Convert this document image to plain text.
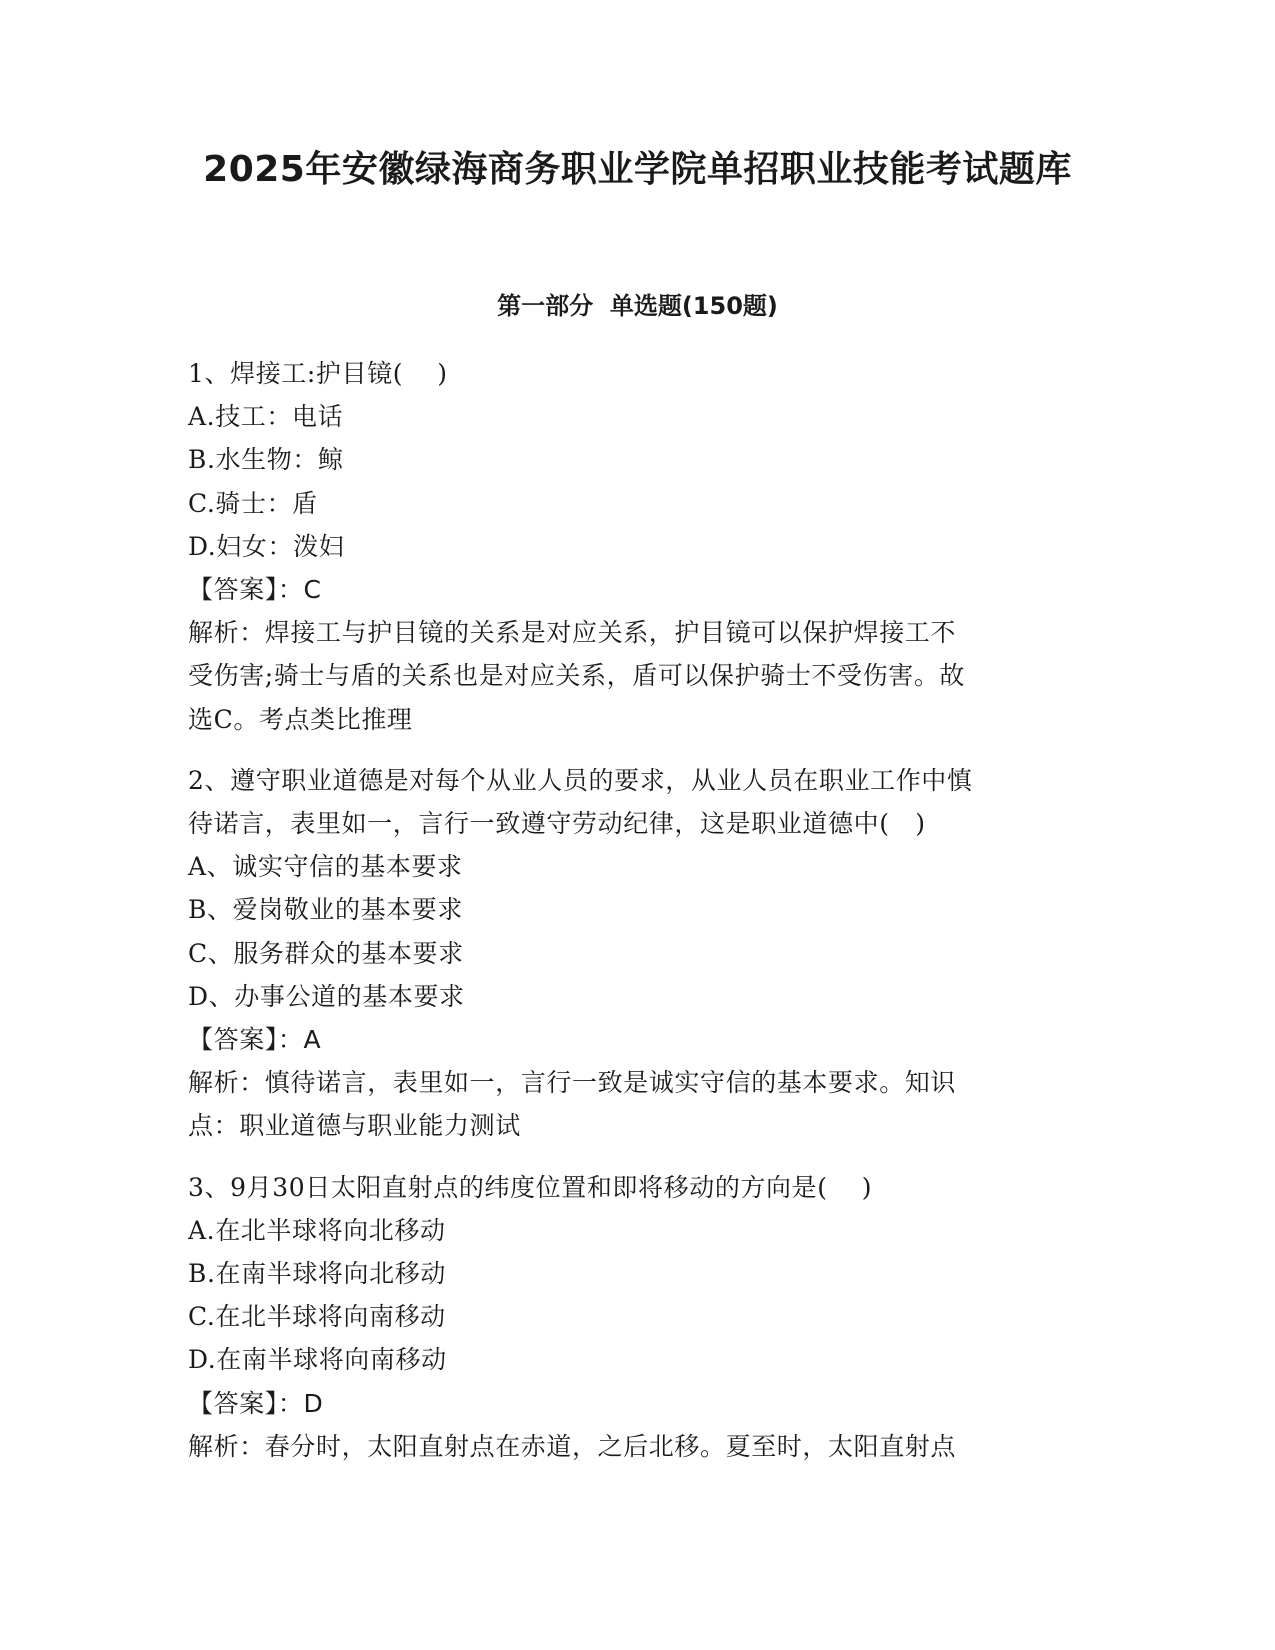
2025年安徽绿海商务职业学院单招职业技能考试题库
第一部分  单选题(150题)
1、焊接工:护目镜(    )
A.技工：电话
B.水生物：鲸
C.骑士：盾
D.妇女：泼妇
【答案】：C
解析：焊接工与护目镜的关系是对应关系，护目镜可以保护焊接工不
受伤害;骑士与盾的关系也是对应关系，盾可以保护骑士不受伤害。故
选C。考点类比推理
2、遵守职业道德是对每个从业人员的要求，从业人员在职业工作中慎
待诺言，表里如一，言行一致遵守劳动纪律，这是职业道德中(   )
A、诚实守信的基本要求
B、爱岗敬业的基本要求
C、服务群众的基本要求
D、办事公道的基本要求
【答案】：A
解析：慎待诺言，表里如一，言行一致是诚实守信的基本要求。知识
点：职业道德与职业能力测试
3、9月30日太阳直射点的纬度位置和即将移动的方向是(    )
A.在北半球将向北移动
B.在南半球将向北移动
C.在北半球将向南移动
D.在南半球将向南移动
【答案】：D
解析：春分时，太阳直射点在赤道，之后北移。夏至时，太阳直射点
